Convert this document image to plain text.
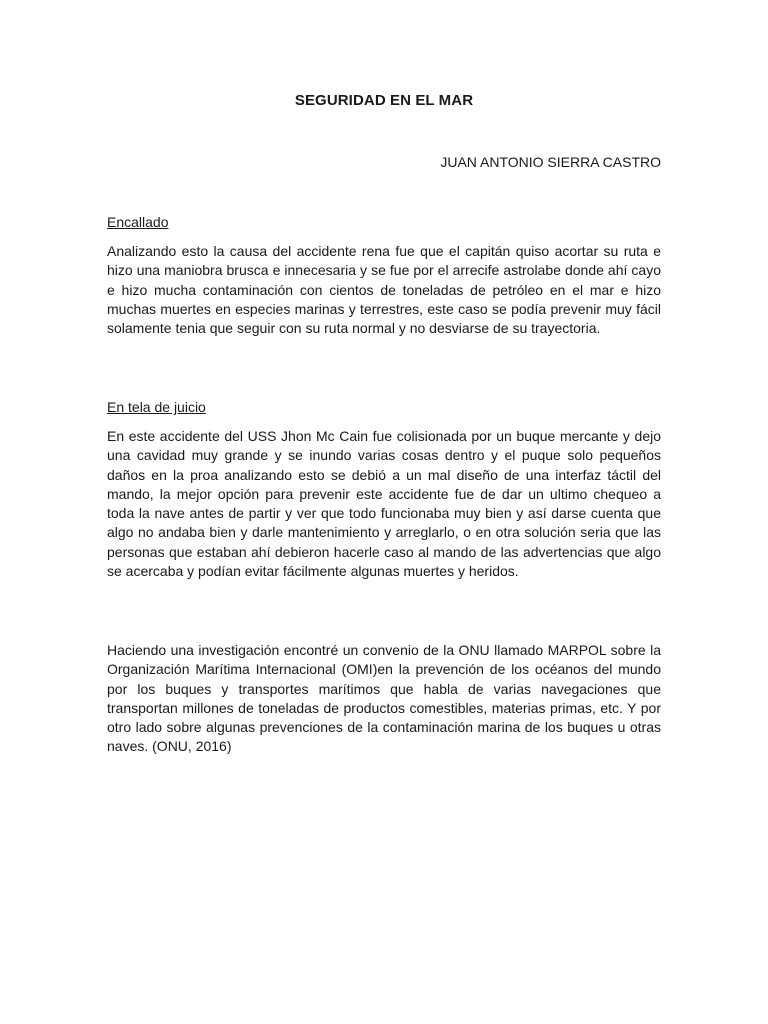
SEGURIDAD EN EL MAR

JUAN ANTONIO SIERRA CASTRO

Encallado

Analizando esto la causa del accidente rena fue que el capitán quiso acortar su ruta e hizo una maniobra brusca e innecesaria y se fue por el arrecife astrolabe donde ahí cayo e hizo mucha contaminación con cientos de toneladas de petróleo en el mar e hizo muchas muertes en especies marinas y terrestres, este caso se podía prevenir muy fácil solamente tenia que seguir con su ruta normal y no desviarse de su trayectoria.

En tela de juicio

En este accidente del USS Jhon Mc Cain fue colisionada por un buque mercante y dejo una cavidad muy grande y se inundo varias cosas dentro y el puque solo pequeños daños en la proa analizando esto se debió a un mal diseño de una interfaz táctil del mando, la mejor opción para prevenir este accidente fue de dar un ultimo chequeo a toda la nave antes de partir y ver que todo funcionaba muy bien y así darse cuenta que algo no andaba bien y darle mantenimiento y arreglarlo, o en otra solución seria que las personas que estaban ahí debieron hacerle caso al mando de las advertencias que algo se acercaba y podían evitar fácilmente algunas muertes y heridos.

Haciendo una investigación encontré un convenio de la ONU llamado MARPOL sobre la Organización Marítima Internacional (OMI)en la prevención de los océanos del mundo por los buques y transportes marítimos que habla de varias navegaciones que transportan millones de toneladas de productos comestibles, materias primas, etc. Y por otro lado sobre algunas prevenciones de la contaminación marina de los buques u otras naves. (ONU, 2016)
